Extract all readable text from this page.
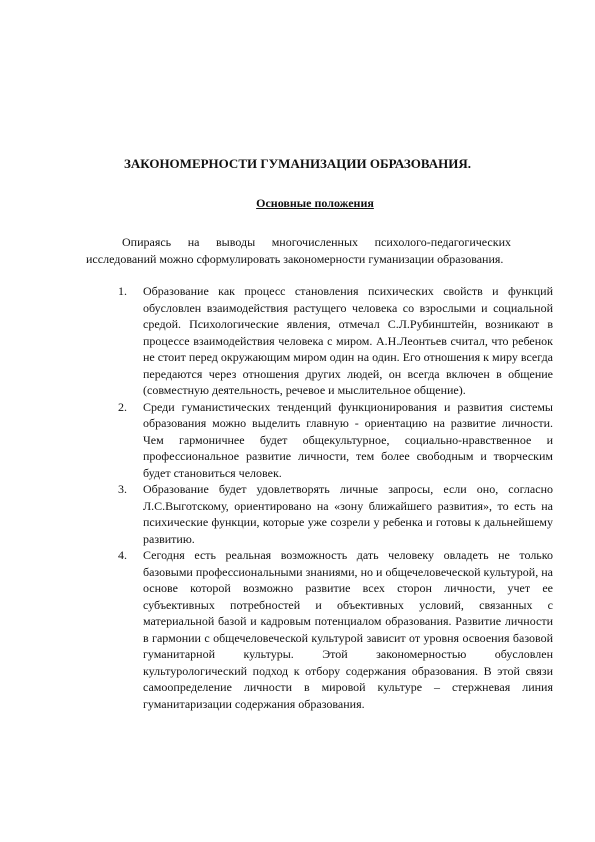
ЗАКОНОМЕРНОСТИ ГУМАНИЗАЦИИ ОБРАЗОВАНИЯ.
Основные положения

Опираясь на выводы многочисленных психолого-педагогических исследований можно сформулировать закономерности гуманизации образования.

1. Образование как процесс становления психических свойств и функций обусловлен взаимодействия растущего человека со взрослыми и социальной средой. Психологические явления, отмечал С.Л.Рубинштейн, возникают в процессе взаимодействия человека с миром. А.Н.Леонтьев считал, что ребенок не стоит перед окружающим миром один на один. Его отношения к миру всегда передаются через отношения других людей, он всегда включен в общение (совместную деятельность, речевое и мыслительное общение).
2. Среди гуманистических тенденций функционирования и развития системы образования можно выделить главную - ориентацию на развитие личности. Чем гармоничнее будет общекультурное, социально-нравственное и профессиональное развитие личности, тем более свободным и творческим будет становиться человек.
3. Образование будет удовлетворять личные запросы, если оно, согласно Л.С.Выготскому, ориентировано на «зону ближайшего развития», то есть на психические функции, которые уже созрели у ребенка и готовы к дальнейшему развитию.
4. Сегодня есть реальная возможность дать человеку овладеть не только базовыми профессиональными знаниями, но и общечеловеческой культурой, на основе которой возможно развитие всех сторон личности, учет ее субъективных потребностей и объективных условий, связанных с материальной базой и кадровым потенциалом образования. Развитие личности в гармонии с общечеловеческой культурой зависит от уровня освоения базовой гуманитарной культуры. Этой закономерностью обусловлен культурологический подход к отбору содержания образования. В этой связи самоопределение личности в мировой культуре – стержневая линия гуманитаризации содержания образования.
